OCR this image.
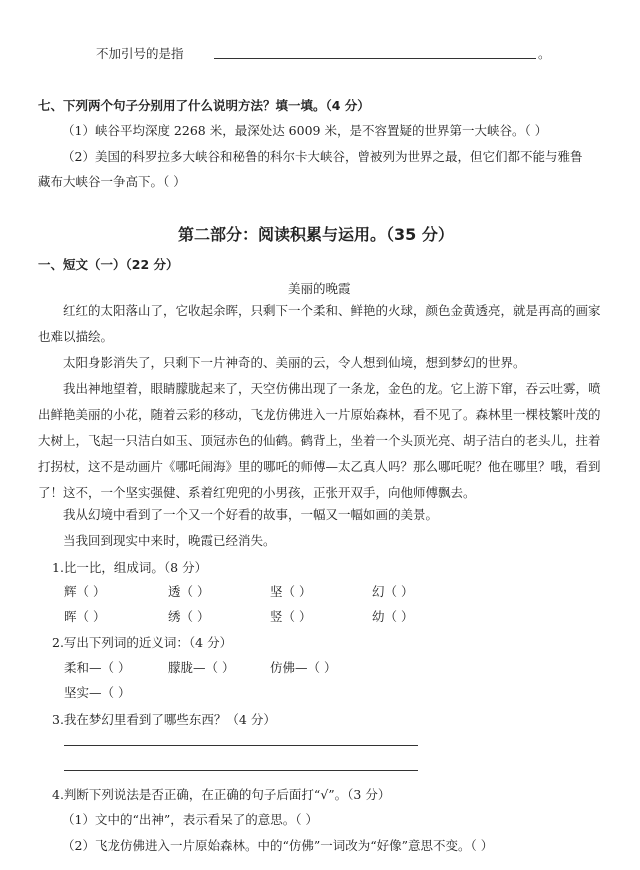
不加引号的是指	。
七、下列两个句子分别用了什么说明方法？填一填。（4 分）
（1）峡谷平均深度 2268 米，最深处达 6009 米，是不容置疑的世界第一大峡谷。（ ）
（2）美国的科罗拉多大峡谷和秘鲁的科尔卡大峡谷，曾被列为世界之最，但它们都不能与雅鲁
藏布大峡谷一争高下。（ ）
第二部分：阅读积累与运用。（35 分）
一、短文（一）（22 分）
美丽的晚霞
红红的太阳落山了，它收起余晖，只剩下一个柔和、鲜艳的火球，颜色金黄透亮，就是再高的画家也难以描绘。
太阳身影消失了，只剩下一片神奇的、美丽的云，令人想到仙境，想到梦幻的世界。
我出神地望着，眼睛朦胧起来了，天空仿佛出现了一条龙，金色的龙。它上游下窜，吞云吐雾，喷出鲜艳美丽的小花，随着云彩的移动，飞龙仿佛进入一片原始森林，看不见了。森林里一棵枝繁叶茂的大树上，飞起一只洁白如玉、顶冠赤色的仙鹤。鹤背上，坐着一个头顶光亮、胡子洁白的老头儿，拄着打拐杖，这不是动画片《哪吒闹海》里的哪吒的师傅—太乙真人吗？那么哪吒呢？他在哪里？哦，看到了！这不，一个坚实强健、系着红兜兜的小男孩，正张开双手，向他师傅飘去。
我从幻境中看到了一个又一个好看的故事，一幅又一幅如画的美景。
当我回到现实中来时，晚霞已经消失。
1.比一比，组成词。（8 分）
辉（ ）	透（ ）	坚（ ）	幻（ ）
晖（ ）	绣（ ）	竖（ ）	幼（ ）
2.写出下列词的近义词：（4 分）
柔和—（ ）	朦胧—（ ）	仿佛—（ ）
坚实—（ ）
3.我在梦幻里看到了哪些东西？（4 分）
4.判断下列说法是否正确，在正确的句子后面打“√”。（3 分）
（1）文中的“出神”，表示看呆了的意思。（ ）
（2）飞龙仿佛进入一片原始森林。中的“仿佛”一词改为“好像”意思不变。（ ）
